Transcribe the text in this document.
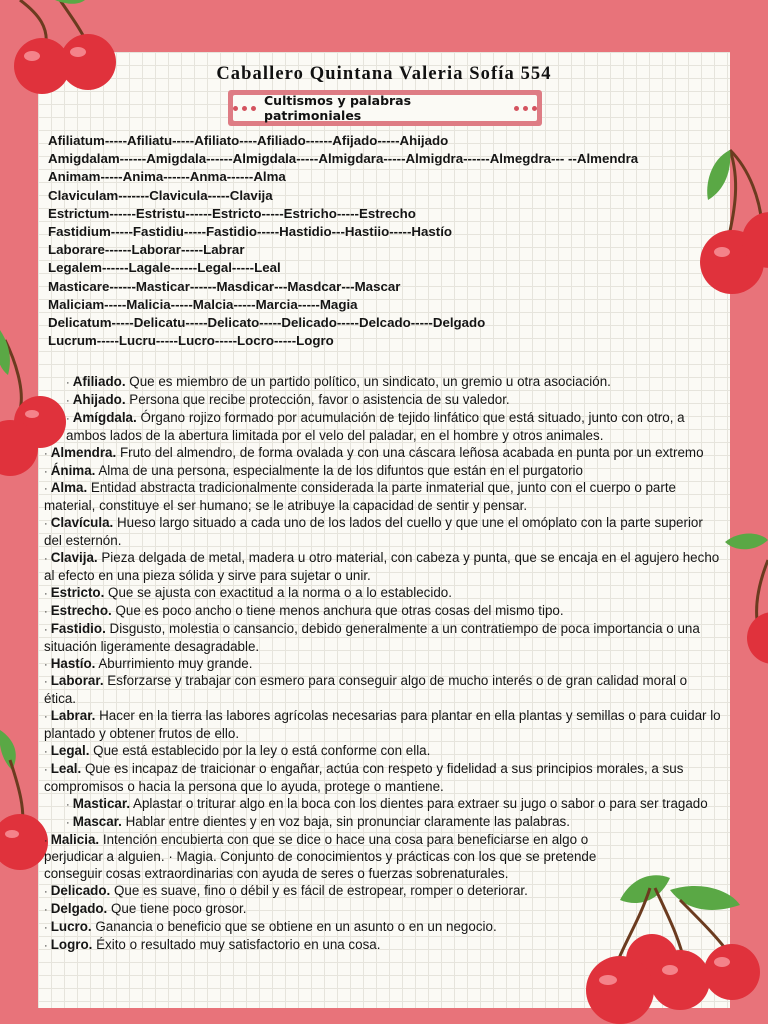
Caballero Quintana Valeria Sofía 554
Cultismos y palabras patrimoniales
Afiliatum-----Afiliatu-----Afiliato----Afiliado------Afijado-----Ahijado
Amigdalam------Amigdala------Almigdala-----Almigdara-----Almigdra------Almegdra--- --Almendra
Animam-----Anima------Anma------Alma
Claviculam-------Clavicula-----Clavija
Estrictum------Estristu------Estricto-----Estricho-----Estrecho
Fastidium-----Fastidiu-----Fastidio-----Hastidio---Hastiio-----Hastío
Laborare------Laborar-----Labrar
Legalem------Lagale------Legal-----Leal
Masticare------Masticar------Masdicar---Masdcar---Mascar
Maliciam-----Malicia-----Malcia-----Marcia-----Magia
Delicatum-----Delicatu-----Delicato-----Delicado-----Delcado-----Delgado
Lucrum-----Lucru-----Lucro-----Locro-----Logro

· Afiliado. Que es miembro de un partido político, un sindicato, un gremio u otra asociación.

· Ahijado. Persona que recibe protección, favor o asistencia de su valedor.

· Amígdala. Órgano rojizo formado por acumulación de tejido linfático que está situado, junto con otro, a ambos lados de la abertura limitada por el velo del paladar, en el hombre y otros animales.

· Almendra. Fruto del almendro, de forma ovalada y con una cáscara leñosa acabada en punta por un extremo

· Ánima. Alma de una persona, especialmente la de los difuntos que están en el purgatorio

· Alma. Entidad abstracta tradicionalmente considerada la parte inmaterial que, junto con el cuerpo o parte material, constituye el ser humano; se le atribuye la capacidad de sentir y pensar.

· Clavícula. Hueso largo situado a cada uno de los lados del cuello y que une el omóplato con la parte superior del esternón.

· Clavija. Pieza delgada de metal, madera u otro material, con cabeza y punta, que se encaja en el agujero hecho al efecto en una pieza sólida y sirve para sujetar o unir.

· Estricto. Que se ajusta con exactitud a la norma o a lo establecido.

· Estrecho. Que es poco ancho o tiene menos anchura que otras cosas del mismo tipo.

· Fastidio. Disgusto, molestia o cansancio, debido generalmente a un contratiempo de poca importancia o una situación ligeramente desagradable.

· Hastío. Aburrimiento muy grande.

· Laborar. Esforzarse y trabajar con esmero para conseguir algo de mucho interés o de gran calidad moral o ética.

· Labrar. Hacer en la tierra las labores agrícolas necesarias para plantar en ella plantas y semillas o para cuidar lo plantado y obtener frutos de ello.

· Legal. Que está establecido por la ley o está conforme con ella.

· Leal. Que es incapaz de traicionar o engañar, actúa con respeto y fidelidad a sus principios morales, a sus compromisos o hacia la persona que lo ayuda, protege o mantiene.

· Masticar. Aplastar o triturar algo en la boca con los dientes para extraer su jugo o sabor o para ser tragado

· Mascar. Hablar entre dientes y en voz baja, sin pronunciar claramente las palabras.

· Malicia. Intención encubierta con que se dice o hace una cosa para beneficiarse en algo o perjudicar a alguien. · Magia. Conjunto de conocimientos y prácticas con los que se pretende conseguir cosas extraordinarias con ayuda de seres o fuerzas sobrenaturales.

· Delicado. Que es suave, fino o débil y es fácil de estropear, romper o deteriorar.

· Delgado. Que tiene poco grosor.

· Lucro. Ganancia o beneficio que se obtiene en un asunto o en un negocio.

· Logro. Éxito o resultado muy satisfactorio en una cosa.
